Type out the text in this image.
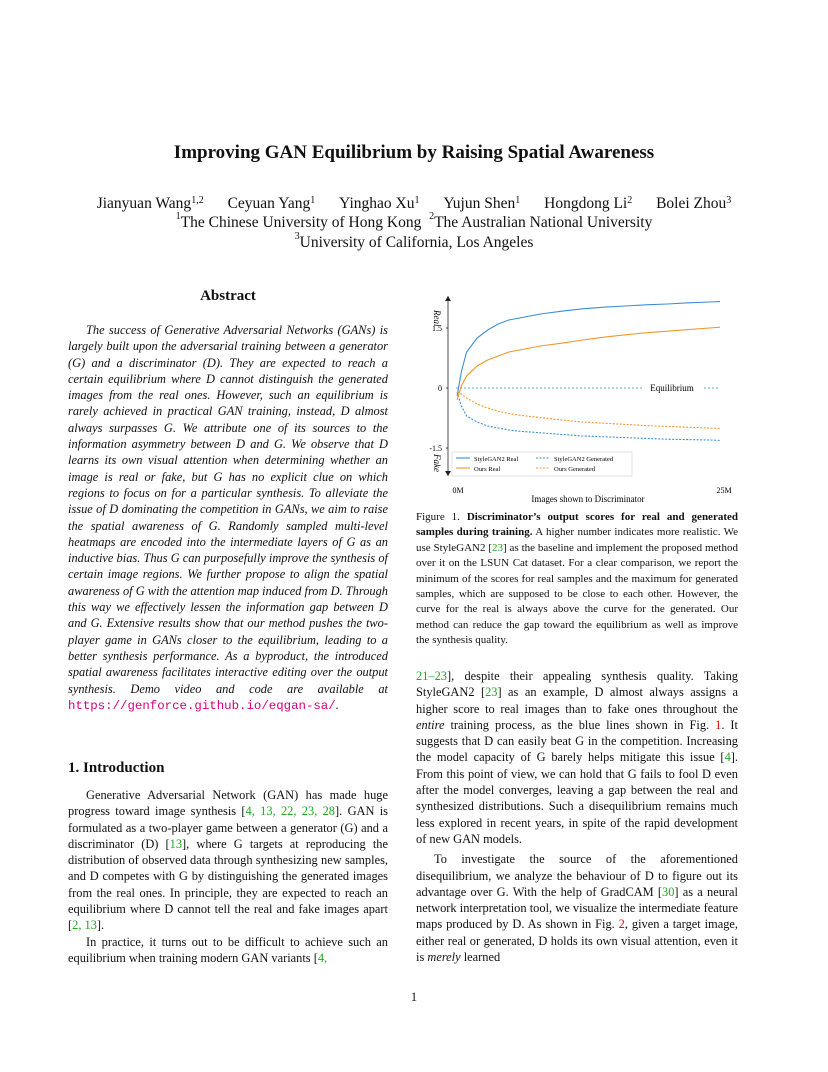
Improving GAN Equilibrium by Raising Spatial Awareness
Jianyuan Wang$^{1,2}$ Ceyuan Yang$^1$ Yinghao Xu$^1$ Yujun Shen$^1$ Hongdong Li$^2$ Bolei Zhou$^3$
$^1$The Chinese University of Hong Kong $^2$The Australian National University
$^3$University of California, Los Angeles
Abstract
The success of Generative Adversarial Networks (GANs) is largely built upon the adversarial training between a generator (G) and a discriminator (D). They are expected to reach a certain equilibrium where D cannot distinguish the generated images from the real ones. However, such an equilibrium is rarely achieved in practical GAN training, instead, D almost always surpasses G. We attribute one of its sources to the information asymmetry between D and G. We observe that D learns its own visual attention when determining whether an image is real or fake, but G has no explicit clue on which regions to focus on for a particular synthesis. To alleviate the issue of D dominating the competition in GANs, we aim to raise the spatial awareness of G. Randomly sampled multi-level heatmaps are encoded into the intermediate layers of G as an inductive bias. Thus G can purposefully improve the synthesis of certain image regions. We further propose to align the spatial awareness of G with the attention map induced from D. Through this way we effectively lessen the information gap between D and G. Extensive results show that our method pushes the two-player game in GANs closer to the equilibrium, leading to a better synthesis performance. As a byproduct, the introduced spatial awareness facilitates interactive editing over the output synthesis. Demo video and code are available at https://genforce.github.io/eqgan-sa/.
1. Introduction

Generative Adversarial Network (GAN) has made huge progress toward image synthesis [4, 13, 22, 23, 28]. GAN is formulated as a two-player game between a generator (G) and a discriminator (D) [13], where G targets at reproducing the distribution of observed data through synthesizing new samples, and D competes with G by distinguishing the generated images from the real ones. In principle, they are expected to reach an equilibrium where D cannot tell the real and fake images apart [2, 13].

In practice, it turns out to be difficult to achieve such an equilibrium when training modern GAN variants [4,

1.5
0
-1.5
Real
Fake
Equilibrium
0M	25M
Images shown to Discriminator
StyleGAN2 Real	StyleGAN2 Generated
Ours Real	Ours Generated
Figure 1. Discriminator’s output scores for real and generated samples during training. A higher number indicates more realistic. We use StyleGAN2 [23] as the baseline and implement the proposed method over it on the LSUN Cat dataset. For a clear comparison, we report the minimum of the scores for real samples and the maximum for generated samples, which are supposed to be close to each other. However, the curve for the real is always above the curve for the generated. Our method can reduce the gap toward the equilibrium as well as improve the synthesis quality.

21–23], despite their appealing synthesis quality. Taking StyleGAN2 [23] as an example, D almost always assigns a higher score to real images than to fake ones throughout the entire training process, as the blue lines shown in Fig. 1. It suggests that D can easily beat G in the competition. Increasing the model capacity of G barely helps mitigate this issue [4]. From this point of view, we can hold that G fails to fool D even after the model converges, leaving a gap between the real and synthesized distributions. Such a disequilibrium remains much less explored in recent years, in spite of the rapid development of new GAN models.

To investigate the source of the aforementioned disequilibrium, we analyze the behaviour of D to figure out its advantage over G. With the help of GradCAM [30] as a neural network interpretation tool, we visualize the intermediate feature maps produced by D. As shown in Fig. 2, given a target image, either real or generated, D holds its own visual attention, even it is merely learned

1
